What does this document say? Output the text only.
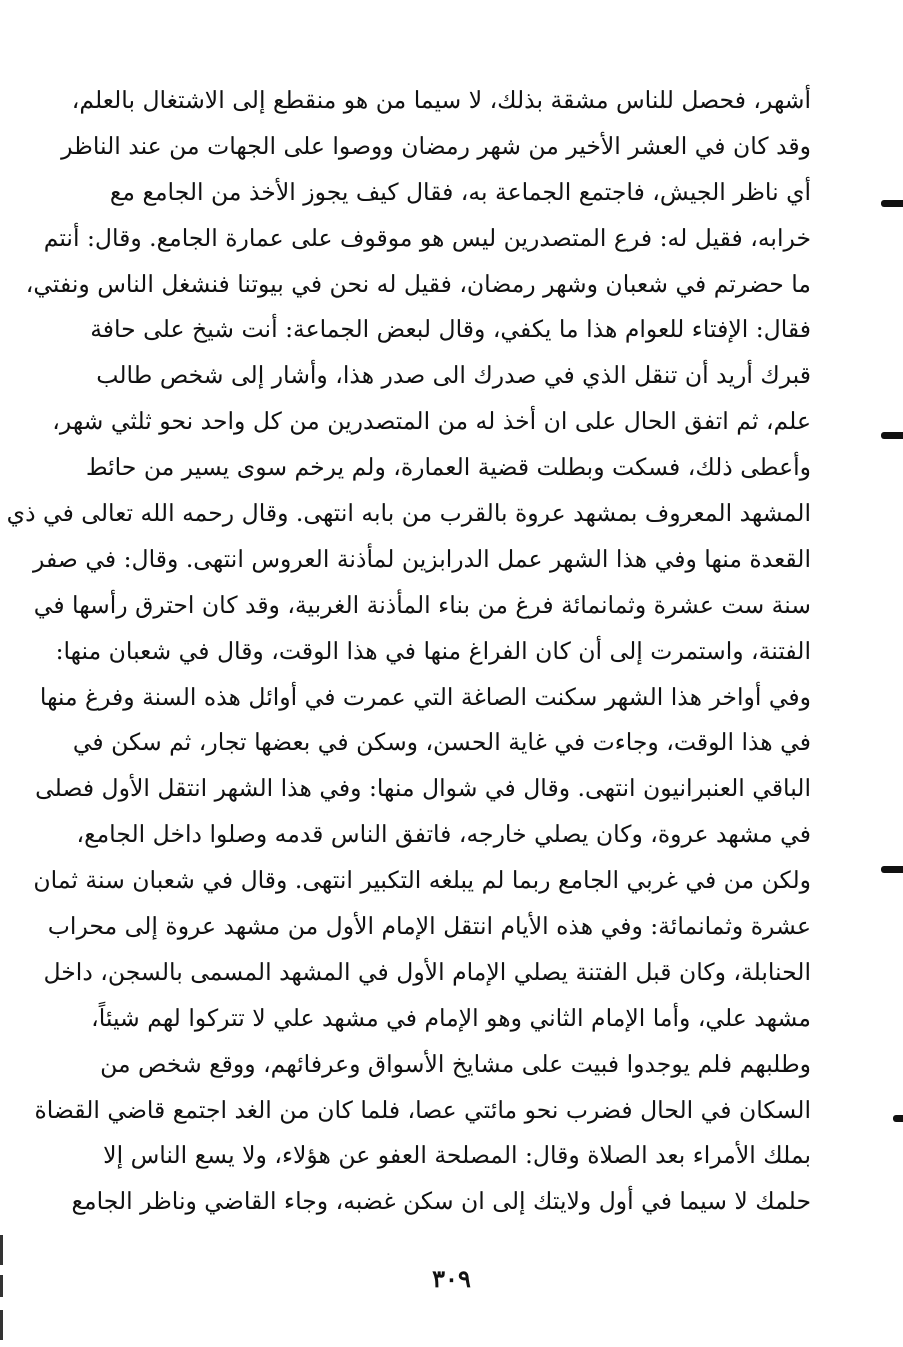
أشهر، فحصل للناس مشقة بذلك، لا سيما من هو منقطع إلى الاشتغال بالعلم،
وقد كان في العشر الأخير من شهر رمضان ووصوا على الجهات من عند الناظر
أي ناظر الجيش، فاجتمع الجماعة به، فقال كيف يجوز الأخذ من الجامع مع
خرابه، فقيل له: فرع المتصدرين ليس هو موقوف على عمارة الجامع. وقال: أنتم
ما حضرتم في شعبان وشهر رمضان، فقيل له نحن في بيوتنا فنشغل الناس ونفتي،
فقال: الإفتاء للعوام هذا ما يكفي، وقال لبعض الجماعة: أنت شيخ على حافة
قبرك أريد أن تنقل الذي في صدرك الى صدر هذا، وأشار إلى شخص طالب
علم، ثم اتفق الحال على ان أخذ له من المتصدرين من كل واحد نحو ثلثي شهر،
وأعطى ذلك، فسكت وبطلت قضية العمارة، ولم يرخم سوى يسير من حائط
المشهد المعروف بمشهد عروة بالقرب من بابه انتهى. وقال رحمه الله تعالى في ذي
القعدة منها وفي هذا الشهر عمل الدرابزين لمأذنة العروس انتهى. وقال: في صفر
سنة ست عشرة وثمانمائة فرغ من بناء المأذنة الغربية، وقد كان احترق رأسها في
الفتنة، واستمرت إلى أن كان الفراغ منها في هذا الوقت، وقال في شعبان منها:
وفي أواخر هذا الشهر سكنت الصاغة التي عمرت في أوائل هذه السنة وفرغ منها
في هذا الوقت، وجاءت في غاية الحسن، وسكن في بعضها تجار، ثم سكن في
الباقي العنبرانيون انتهى. وقال في شوال منها: وفي هذا الشهر انتقل الأول فصلى
في مشهد عروة، وكان يصلي خارجه، فاتفق الناس قدمه وصلوا داخل الجامع،
ولكن من في غربي الجامع ربما لم يبلغه التكبير انتهى. وقال في شعبان سنة ثمان
عشرة وثمانمائة: وفي هذه الأيام انتقل الإمام الأول من مشهد عروة إلى محراب
الحنابلة، وكان قبل الفتنة يصلي الإمام الأول في المشهد المسمى بالسجن، داخل
مشهد علي، وأما الإمام الثاني وهو الإمام في مشهد علي لا تتركوا لهم شيئاً،
وطلبهم فلم يوجدوا فبيت على مشايخ الأسواق وعرفائهم، ووقع شخص من
السكان في الحال فضرب نحو مائتي عصا، فلما كان من الغد اجتمع قاضي القضاة
بملك الأمراء بعد الصلاة وقال: المصلحة العفو عن هؤلاء، ولا يسع الناس إلا
حلمك لا سيما في أول ولايتك إلى ان سكن غضبه، وجاء القاضي وناظر الجامع
٣٠٩
